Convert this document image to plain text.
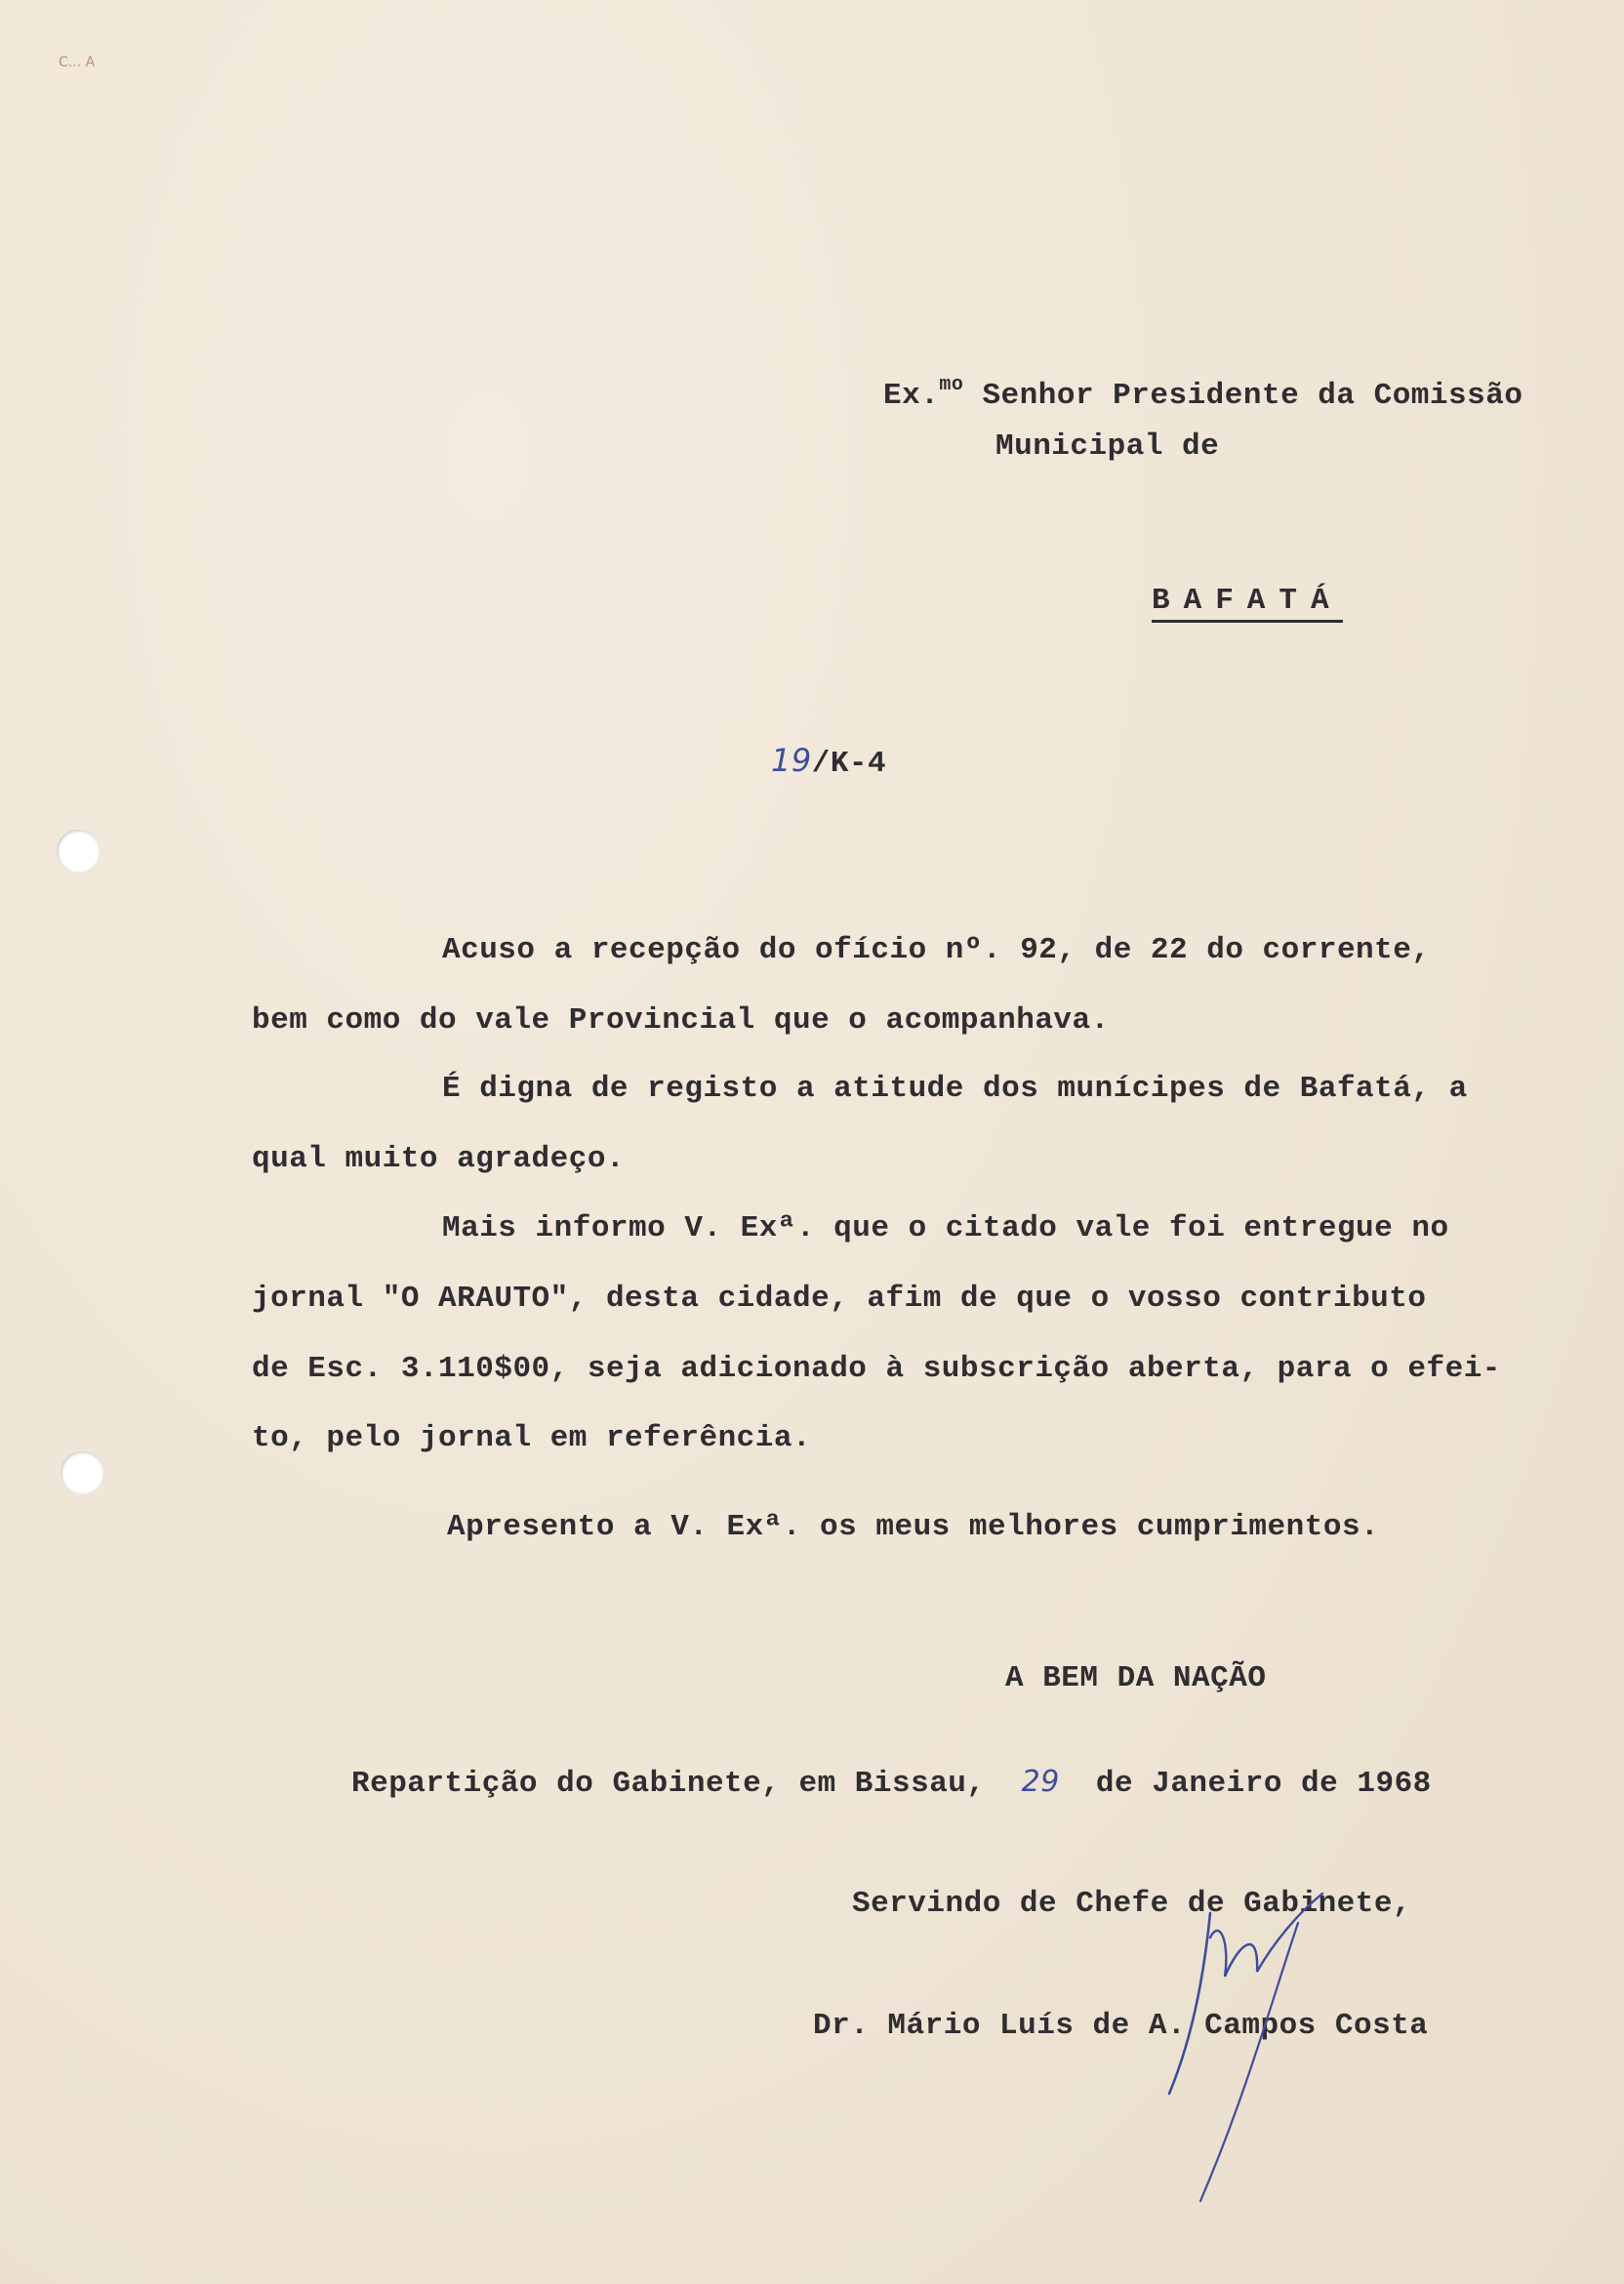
C... A
Ex.$^{mo}$ Senhor Presidente da Comissão
Municipal de
BAFATÁ
19/K-4
Acuso a recepção do ofício nº. 92, de 22 do corrente,
bem como do vale Provincial que o acompanhava.
É digna de registo a atitude dos munícipes de Bafatá, a
qual muito agradeço.
Mais informo V. Exª. que o citado vale foi entregue no
jornal "O ARAUTO", desta cidade, afim de que o vosso contributo
de Esc. 3.110$00, seja adicionado à subscrição aberta, para o efei-
to, pelo jornal em referência.
Apresento a V. Exª. os meus melhores cumprimentos.
A BEM DA NAÇÃO
Repartição do Gabinete, em Bissau, 29 de Janeiro de 1968
Servindo de Chefe de Gabinete,
Dr. Mário Luís de A. Campos Costa
